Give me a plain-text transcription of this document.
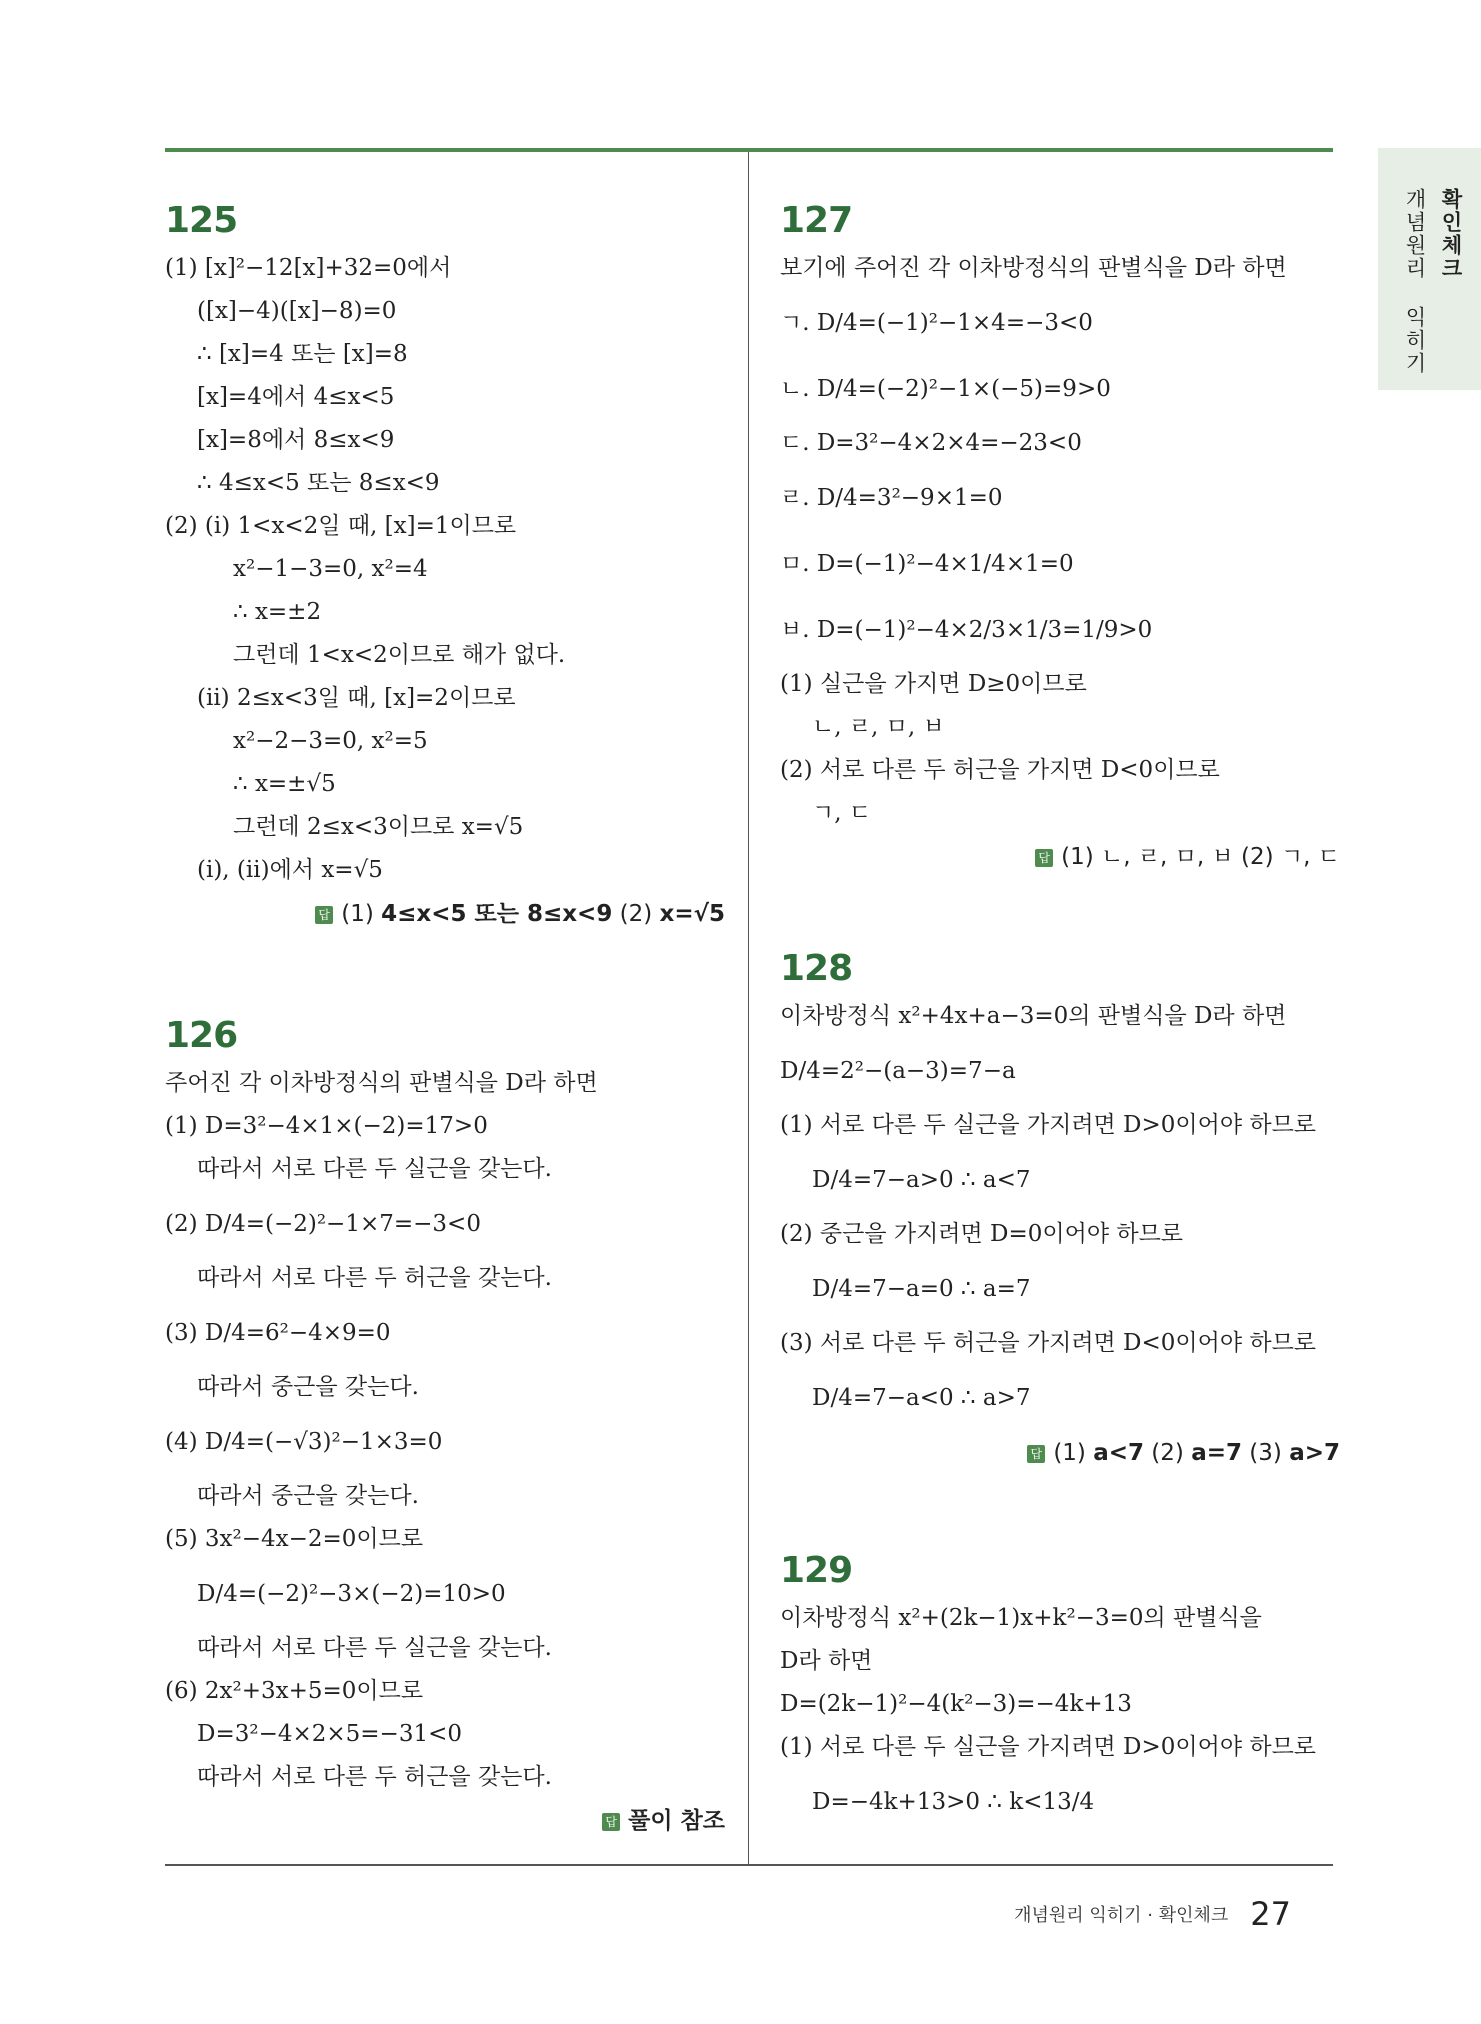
확인체크
개념원리 익히기
125
(1) [x]²−12[x]+32=0에서
([x]−4)([x]−8)=0
∴ [x]=4 또는 [x]=8
[x]=4에서 4≤x<5
[x]=8에서 8≤x<9
∴ 4≤x<5 또는 8≤x<9
(2) (ⅰ) 1<x<2일 때, [x]=1이므로
x²−1−3=0, x²=4
∴ x=±2
그런데 1<x<2이므로 해가 없다.
(ⅱ) 2≤x<3일 때, [x]=2이므로
x²−2−3=0, x²=5
∴ x=±√5
그런데 2≤x<3이므로 x=√5
(ⅰ), (ⅱ)에서 x=√5
답 (1) 4≤x<5 또는 8≤x<9 (2) x=√5
126
주어진 각 이차방정식의 판별식을 D라 하면
(1) D=3²−4×1×(−2)=17>0
따라서 서로 다른 두 실근을 갖는다.
(2) D/4=(−2)²−1×7=−3<0
따라서 서로 다른 두 허근을 갖는다.
(3) D/4=6²−4×9=0
따라서 중근을 갖는다.
(4) D/4=(−√3)²−1×3=0
따라서 중근을 갖는다.
(5) 3x²−4x−2=0이므로
D/4=(−2)²−3×(−2)=10>0
따라서 서로 다른 두 실근을 갖는다.
(6) 2x²+3x+5=0이므로
D=3²−4×2×5=−31<0
따라서 서로 다른 두 허근을 갖는다.
답 풀이 참조
127
보기에 주어진 각 이차방정식의 판별식을 D라 하면
ㄱ. D/4=(−1)²−1×4=−3<0
ㄴ. D/4=(−2)²−1×(−5)=9>0
ㄷ. D=3²−4×2×4=−23<0
ㄹ. D/4=3²−9×1=0
ㅁ. D=(−1)²−4×1/4×1=0
ㅂ. D=(−1)²−4×2/3×1/3=1/9>0
(1) 실근을 가지면 D≥0이므로
ㄴ, ㄹ, ㅁ, ㅂ
(2) 서로 다른 두 허근을 가지면 D<0이므로
ㄱ, ㄷ
답 (1) ㄴ, ㄹ, ㅁ, ㅂ (2) ㄱ, ㄷ
128
이차방정식 x²+4x+a−3=0의 판별식을 D라 하면
D/4=2²−(a−3)=7−a
(1) 서로 다른 두 실근을 가지려면 D>0이어야 하므로
D/4=7−a>0 ∴ a<7
(2) 중근을 가지려면 D=0이어야 하므로
D/4=7−a=0 ∴ a=7
(3) 서로 다른 두 허근을 가지려면 D<0이어야 하므로
D/4=7−a<0 ∴ a>7
답 (1) a<7 (2) a=7 (3) a>7
129
이차방정식 x²+(2k−1)x+k²−3=0의 판별식을
D라 하면
D=(2k−1)²−4(k²−3)=−4k+13
(1) 서로 다른 두 실근을 가지려면 D>0이어야 하므로
D=−4k+13>0 ∴ k<13/4
개념원리 익히기 · 확인체크 27
